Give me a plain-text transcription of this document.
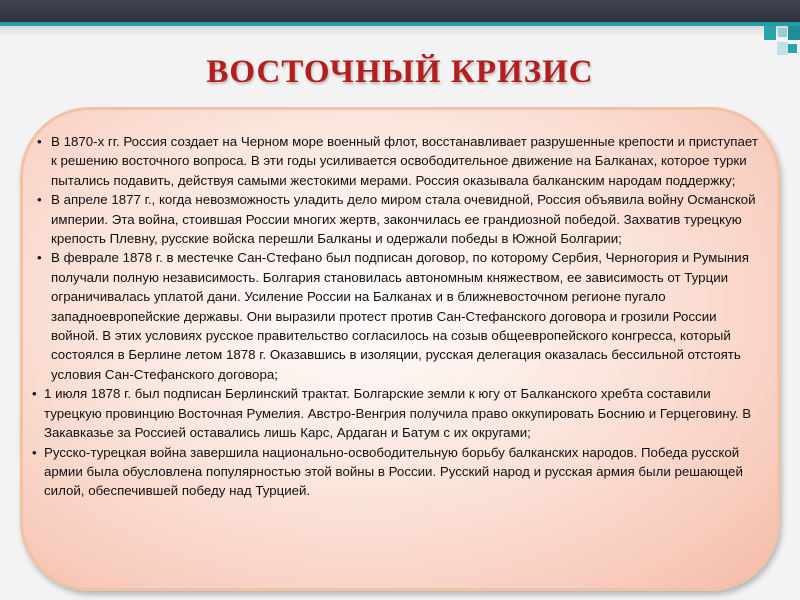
ВОСТОЧНЫЙ КРИЗИС
• В 1870-х гг. Россия создает на Черном море военный флот, восстанавливает разрушенные крепости и приступает к решению восточного вопроса. В эти годы усиливается освободительное движение на Балканах, которое турки пытались подавить, действуя самыми жестокими мерами. Россия оказывала балканским народам поддержку;
• В апреле 1877 г., когда невозможность уладить дело миром стала очевидной, Россия объявила войну Османской империи. Эта война, стоившая России многих жертв, закончилась ее грандиозной победой. Захватив турецкую крепость Плевну, русские войска перешли Балканы и одержали победы в Южной Болгарии;
• В феврале 1878 г. в местечке Сан-Стефано был подписан договор, по которому Сербия, Черногория и Румыния получали полную независимость. Болгария становилась автономным княжеством, ее зависимость от Турции ограничивалась уплатой дани. Усиление России на Балканах и в ближневосточном регионе пугало западноевропейские державы. Они выразили протест против Сан-Стефанского договора и грозили России войной. В этих условиях русское правительство согласилось на созыв общеевропейского конгресса, который состоялся в Берлине летом 1878 г. Оказавшись в изоляции, русская делегация оказалась бессильной отстоять условия Сан-Стефанского договора;
• 1 июля 1878 г. был подписан Берлинский трактат. Болгарские земли к югу от Балканского хребта составили турецкую провинцию Восточная Румелия. Австро-Венгрия получила право оккупировать Боснию и Герцеговину. В Закавказье за Россией оставались лишь Карс, Ардаган и Батум с их округами;
• Русско-турецкая война завершила национально-освободительную борьбу балканских народов. Победа русской армии была обусловлена популярностью этой войны в России. Русский народ и русская армия были решающей силой, обеспечившей победу над Турцией.
